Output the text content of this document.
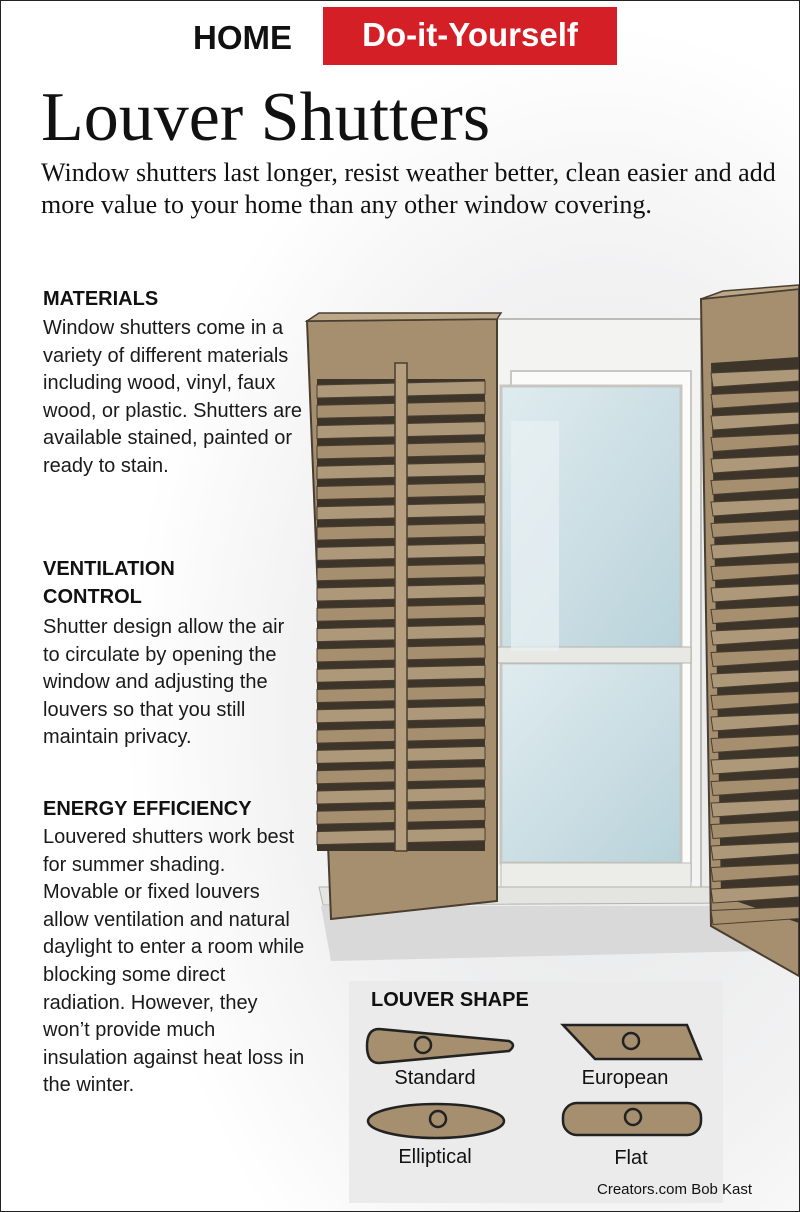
HOME	Do-it-Yourself
Louver Shutters
Window shutters last longer, resist weather better, clean easier and add more value to your home than any other window covering.
MATERIALS
Window shutters come in a variety of different materials including wood, vinyl, faux wood, or plastic. Shutters are available stained, painted or ready to stain.
VENTILATION CONTROL
Shutter design allow the air to circulate by opening the window and adjusting the louvers so that you still maintain privacy.
ENERGY EFFICIENCY
Louvered shutters work best for summer shading. Movable or fixed louvers allow ventilation and natural daylight to enter a room while blocking some direct radiation. However, they won’t provide much insulation against heat loss in the winter.
LOUVER SHAPE
Standard	European
Elliptical	Flat
Creators.com Bob Kast
